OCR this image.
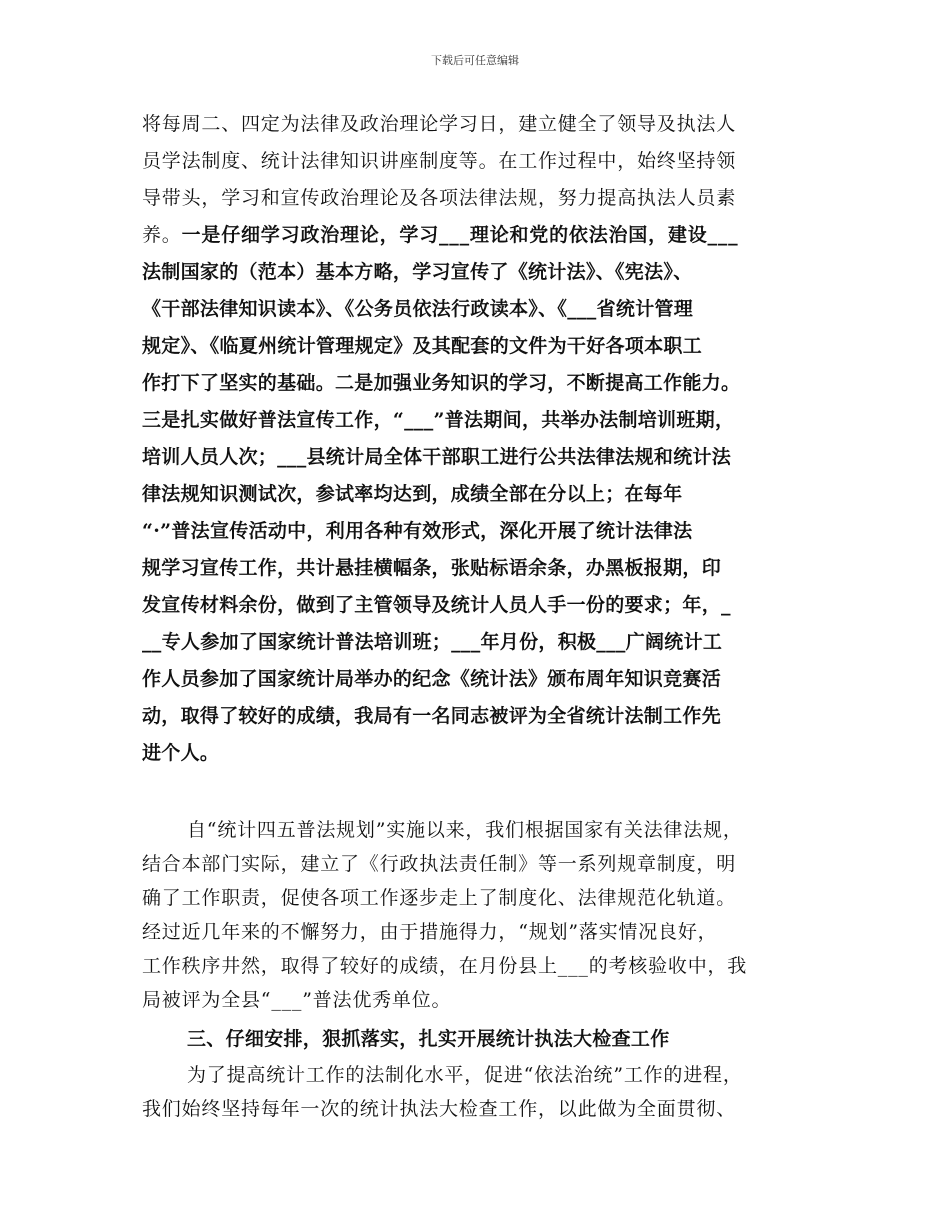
下载后可任意编辑
将每周二、四定为法律及政治理论学习日，建立健全了领导及执法人
员学法制度、统计法律知识讲座制度等。在工作过程中，始终坚持领
导带头，学习和宣传政治理论及各项法律法规，努力提高执法人员素
养。一是仔细学习政治理论，学习___理论和党的依法治国，建设___
法制国家的（范本）基本方略，学习宣传了《统计法》、《宪法》、
《干部法律知识读本》、《公务员依法行政读本》、《___省统计管理
规定》、《临夏州统计管理规定》及其配套的文件为干好各项本职工
作打下了坚实的基础。二是加强业务知识的学习，不断提高工作能力。
三是扎实做好普法宣传工作，“___”普法期间，共举办法制培训班期，
培训人员人次；___县统计局全体干部职工进行公共法律法规和统计法
律法规知识测试次，参试率均达到，成绩全部在分以上；在每年
“·”普法宣传活动中，利用各种有效形式，深化开展了统计法律法
规学习宣传工作，共计悬挂横幅条，张贴标语余条，办黑板报期，印
发宣传材料余份，做到了主管领导及统计人员人手一份的要求；年，_
__专人参加了国家统计普法培训班；___年月份，积极___广阔统计工
作人员参加了国家统计局举办的纪念《统计法》颁布周年知识竞赛活
动，取得了较好的成绩，我局有一名同志被评为全省统计法制工作先
进个人。
自“统计四五普法规划”实施以来，我们根据国家有关法律法规，
结合本部门实际，建立了《行政执法责任制》等一系列规章制度，明
确了工作职责，促使各项工作逐步走上了制度化、法律规范化轨道。
经过近几年来的不懈努力，由于措施得力，“规划”落实情况良好，
工作秩序井然，取得了较好的成绩，在月份县上___的考核验收中，我
局被评为全县“___”普法优秀单位。
三、仔细安排，狠抓落实，扎实开展统计执法大检查工作
为了提高统计工作的法制化水平，促进“依法治统”工作的进程，
我们始终坚持每年一次的统计执法大检查工作，以此做为全面贯彻、
